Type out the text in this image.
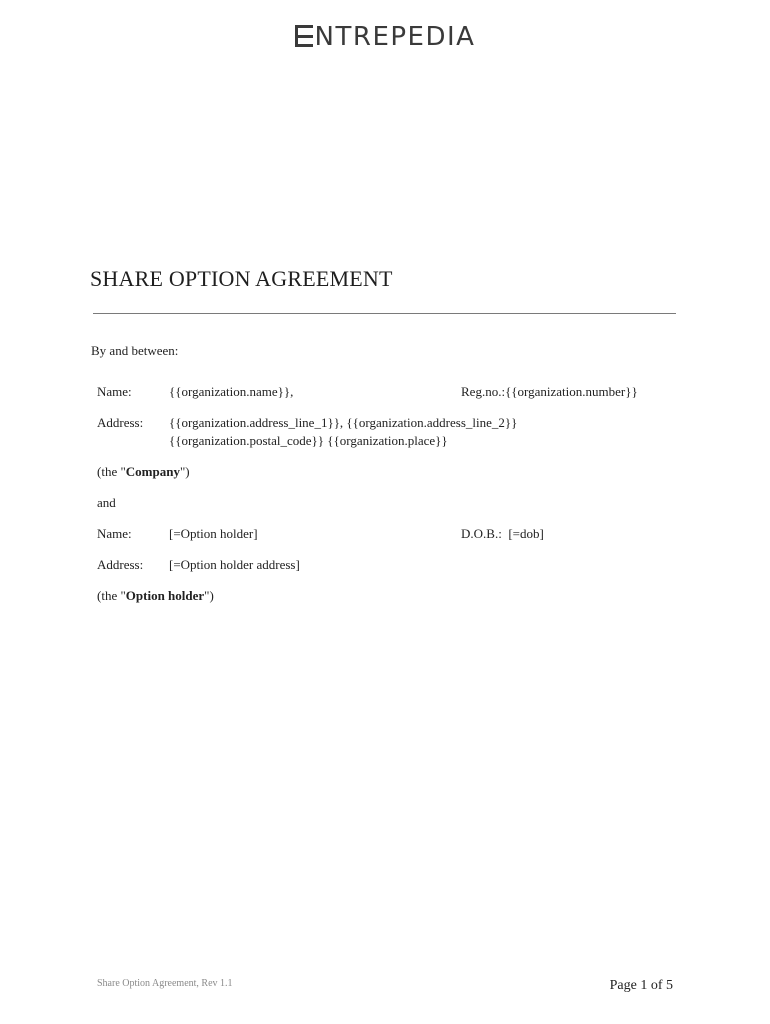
NTREPEDIA
SHARE OPTION AGREEMENT
By and between:
Name:	{{organization.name}},	Reg.no.:{{organization.number}}
Address: {{organization.address_line_1}}, {{organization.address_line_2}}
{{organization.postal_code}} {{organization.place}}
(the "Company")
and
Name:	[=Option holder]	D.O.B.: [=dob]
Address: [=Option holder address]
(the "Option holder")
Share Option Agreement, Rev 1.1	Page 1 of 5
